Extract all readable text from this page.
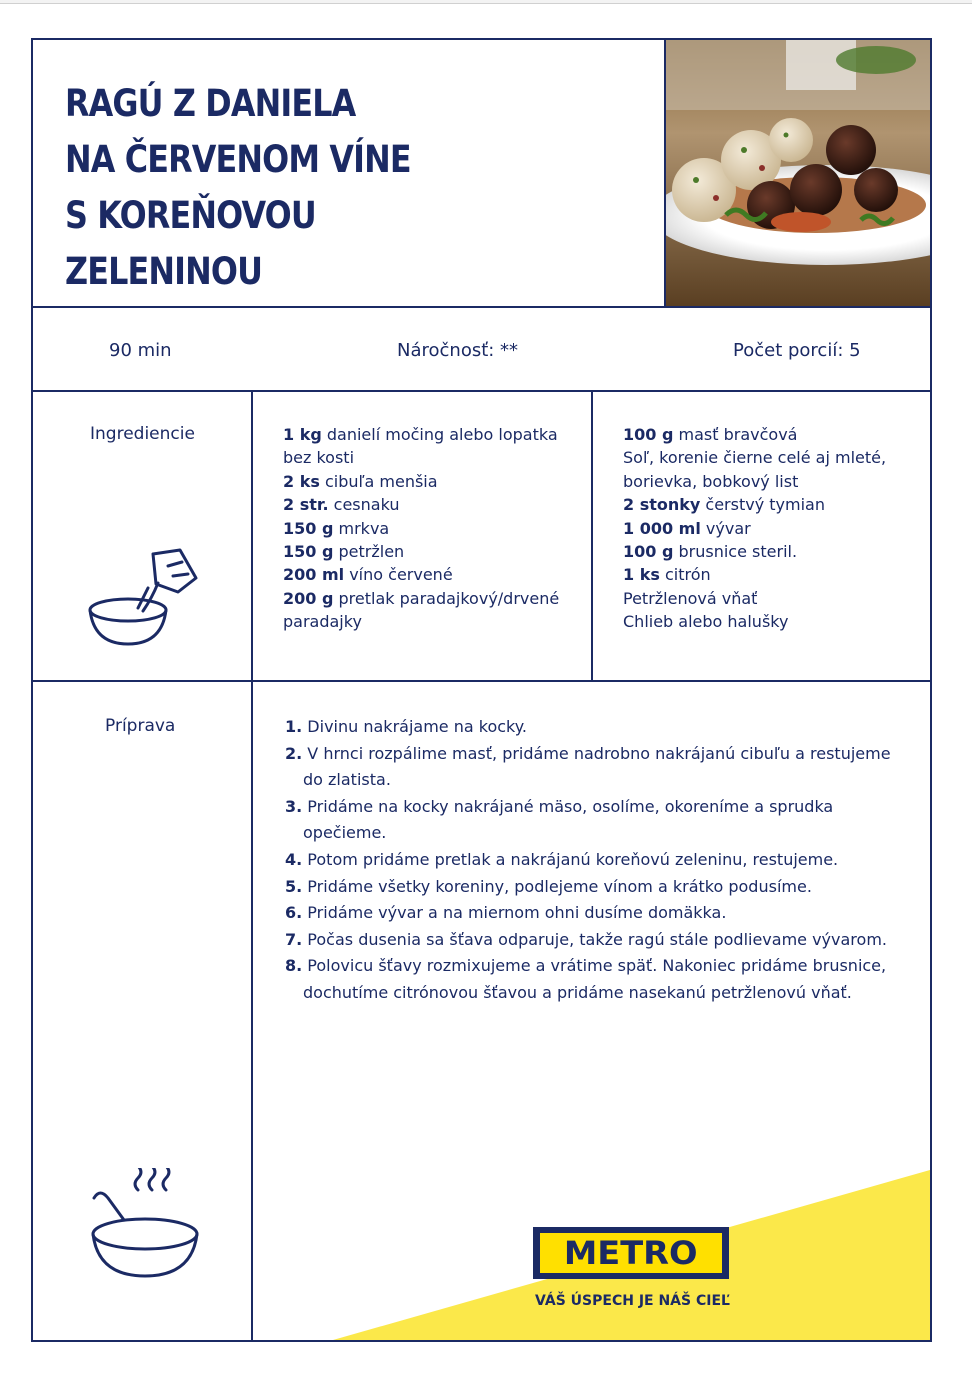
RAGÚ Z DANIELA
NA ČERVENOM VÍNE
S KOREŇOVOU
ZELENINOU
90 min	Náročnosť: **	Počet porcií: 5
Ingrediencie	1 kg danielí močing alebo lopatka bez kosti
2 ks cibuľa menšia
2 str. cesnaku
150 g mrkva
150 g petržlen
200 ml víno červené
200 g pretlak paradajkový/drvené paradajky
100 g masť bravčová
Soľ, korenie čierne celé aj mleté, borievka, bobkový list
2 stonky čerstvý tymian
1 000 ml vývar
100 g brusnice steril.
1 ks citrón
Petržlenová vňať
Chlieb alebo halušky
Príprava	1. Divinu nakrájame na kocky.
2. V hrnci rozpálime masť, pridáme nadrobno nakrájanú cibuľu a restujeme do zlatista.
3. Pridáme na kocky nakrájané mäso, osolíme, okoreníme a sprudka opečieme.
4. Potom pridáme pretlak a nakrájanú koreňovú zeleninu, restujeme.
5. Pridáme všetky koreniny, podlejeme vínom a krátko podusíme.
6. Pridáme vývar a na miernom ohni dusíme domäkka.
7. Počas dusenia sa šťava odparuje, takže ragú stále podlievame vývarom.
8. Polovicu šťavy rozmixujeme a vrátime späť. Nakoniec pridáme brusnice, dochutíme citrónovou šťavou a pridáme nasekanú petržlenovú vňať.
METRO
VÁŠ ÚSPECH JE NÁŠ CIEĽ
